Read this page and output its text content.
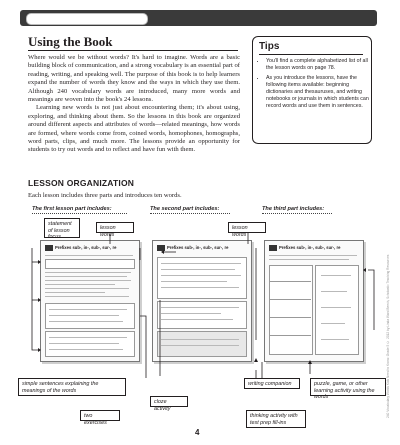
Using the Book

Where would we be without words? It's hard to imagine. Words are a basic building block of communication, and a strong vocabulary is an essential part of reading, writing, and speaking well. The purpose of this book is to help learners expand the number of words they know and the ways in which they use them. Although 240 vocabulary words are introduced, many more words and meanings are woven into the book's 24 lessons.

Learning new words is not just about encountering them; it's about using, exploring, and thinking about them. So the lessons in this book are organized around different aspects and attributes of words—related meanings, how words are formed, where words come from, coined words, homophones, homographs, word parts, clips, and much more. The lessons provide an opportunity for students to try out words and to reflect and have fun with them.

Tips
• You'll find a complete alphabetized list of all the lesson words on page 78.
• As you introduce the lessons, have the following items available: beginning dictionaries and thesauruses, and writing notebooks or journals in which students can record words and use them in sentences.
LESSON ORGANIZATION
Each lesson includes three parts and introduces ten words.
The first lesson part includes:	The second part includes:	The third part includes:
Prefixes sub-, in-, sub-, sur-, re	Prefixes sub-, in-, sub-, sur-, re	Prefixes sub-, in-, sub-, sur-, re
statement of lesson focus
lesson words
lesson words
simple sentences explaining the meanings of the words
two exercises
cloze activity
writing companion
thinking activity with test prep fill-ins
puzzle, game, or other learning activity using the words	240 Vocabulary Words Kids Need to Know: Grade 5 © 2012 by Linda Ward Beech, Scholastic Teaching Resources
4
